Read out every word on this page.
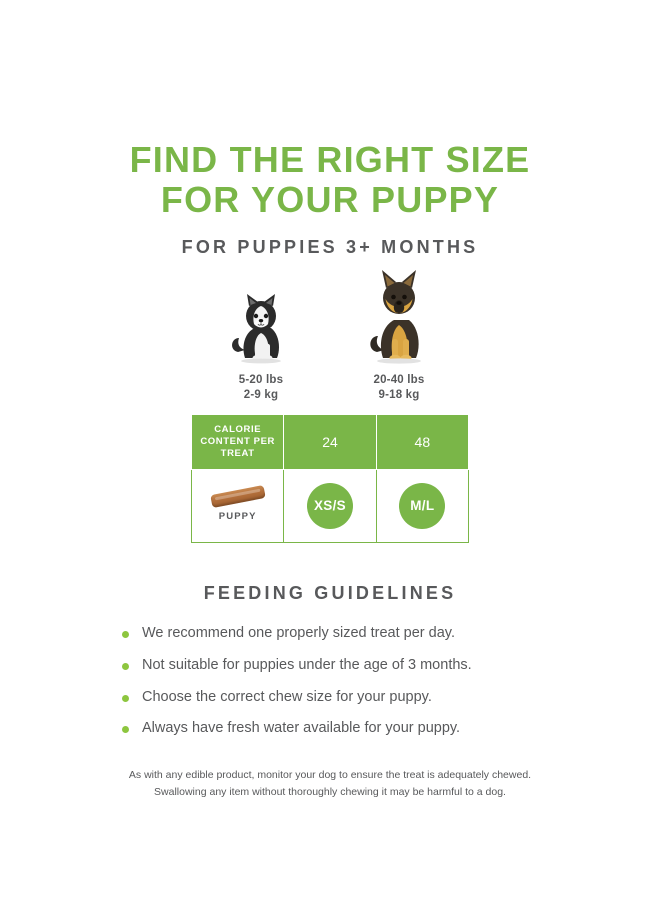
FIND THE RIGHT SIZE
FOR YOUR PUPPY
FOR PUPPIES 3+ MONTHS
5-20 lbs
2-9 kg
20-40 lbs
9-18 kg
CALORIE CONTENT PER TREAT	24	48

PUPPY	XS/S	M/L
FEEDING GUIDELINES
We recommend one properly sized treat per day.
Not suitable for puppies under the age of 3 months.
Choose the correct chew size for your puppy.
Always have fresh water available for your puppy.
As with any edible product, monitor your dog to ensure the treat is adequately chewed.
Swallowing any item without thoroughly chewing it may be harmful to a dog.
